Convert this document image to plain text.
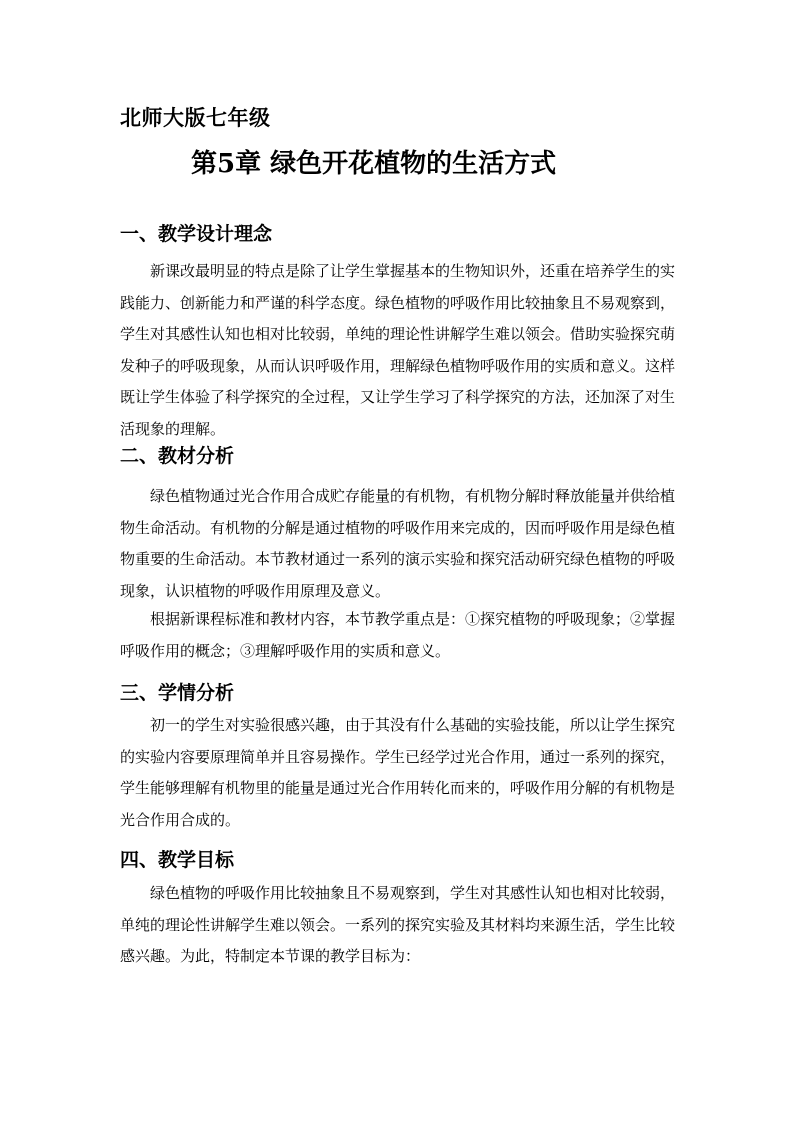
北师大版七年级
第5章 绿色开花植物的生活方式
一、教学设计理念

新课改最明显的特点是除了让学生掌握基本的生物知识外，还重在培养学生的实践能力、创新能力和严谨的科学态度。绿色植物的呼吸作用比较抽象且不易观察到，学生对其感性认知也相对比较弱，单纯的理论性讲解学生难以领会。借助实验探究萌发种子的呼吸现象，从而认识呼吸作用，理解绿色植物呼吸作用的实质和意义。这样既让学生体验了科学探究的全过程，又让学生学习了科学探究的方法，还加深了对生活现象的理解。

二、教材分析

绿色植物通过光合作用合成贮存能量的有机物，有机物分解时释放能量并供给植物生命活动。有机物的分解是通过植物的呼吸作用来完成的，因而呼吸作用是绿色植物重要的生命活动。本节教材通过一系列的演示实验和探究活动研究绿色植物的呼吸现象，认识植物的呼吸作用原理及意义。

根据新课程标准和教材内容，本节教学重点是：①探究植物的呼吸现象；②掌握呼吸作用的概念；③理解呼吸作用的实质和意义。

三、学情分析

初一的学生对实验很感兴趣，由于其没有什么基础的实验技能，所以让学生探究的实验内容要原理简单并且容易操作。学生已经学过光合作用，通过一系列的探究，学生能够理解有机物里的能量是通过光合作用转化而来的，呼吸作用分解的有机物是光合作用合成的。

四、教学目标

绿色植物的呼吸作用比较抽象且不易观察到，学生对其感性认知也相对比较弱，单纯的理论性讲解学生难以领会。一系列的探究实验及其材料均来源生活，学生比较感兴趣。为此，特制定本节课的教学目标为：
